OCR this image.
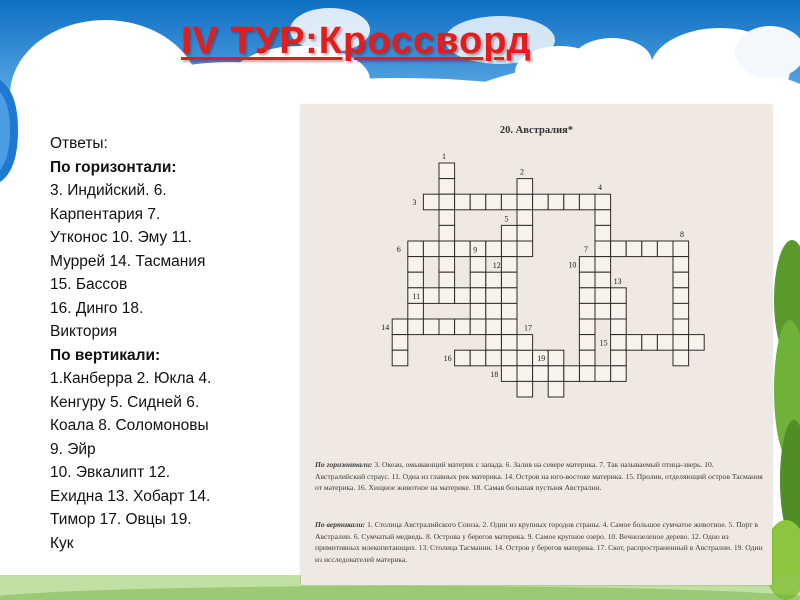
IV ТУР:Кроссворд
Ответы:
По горизонтали:
3. Индийский. 6.
Карпентария 7.
Утконос 10. Эму 11.
Муррей 14. Тасмания
15. Бассов
16. Динго 18.
Виктория
По вертикали:
1.Канберра 2. Юкла 4.
Кенгуру 5. Сидней 6.
Коала 8. Соломоновы
9. Эйр
10. Эвкалипт 12.
Ехидна 13. Хобарт 14.
Тимор 17. Овцы 19.
Кук
1
2
3
4
5
6	7
8
9
10
11
12
13
14
15
16
17
18
19
20. Австралия*
По горизонтали: 3. Океан, омывающий материк с запада. 6. Залив на севере материка. 7. Так называемый птица-зверь. 10. Австралийский страус. 11. Одна из главных рек материка. 14. Остров на юго-востоке материка. 15. Пролив, отделяющий остров Тасмания от материка. 16. Хищное животное на материке. 18. Самая большая пустыня Австралии.
По вертикали: 1. Столица Австралийского Союза. 2. Один из крупных городов страны. 4. Самое большое сумчатое животное. 5. Порт в Австралии. 6. Сумчатый медведь. 8. Острова у берегов материка. 9. Самое крупное озеро. 10. Вечнозеленое дерево. 12. Одно из примитивных млекопитающих. 13. Столица Тасмании. 14. Остров у берегов материка. 17. Скот, распространенный в Австралии. 19. Один из исследователей материка.
